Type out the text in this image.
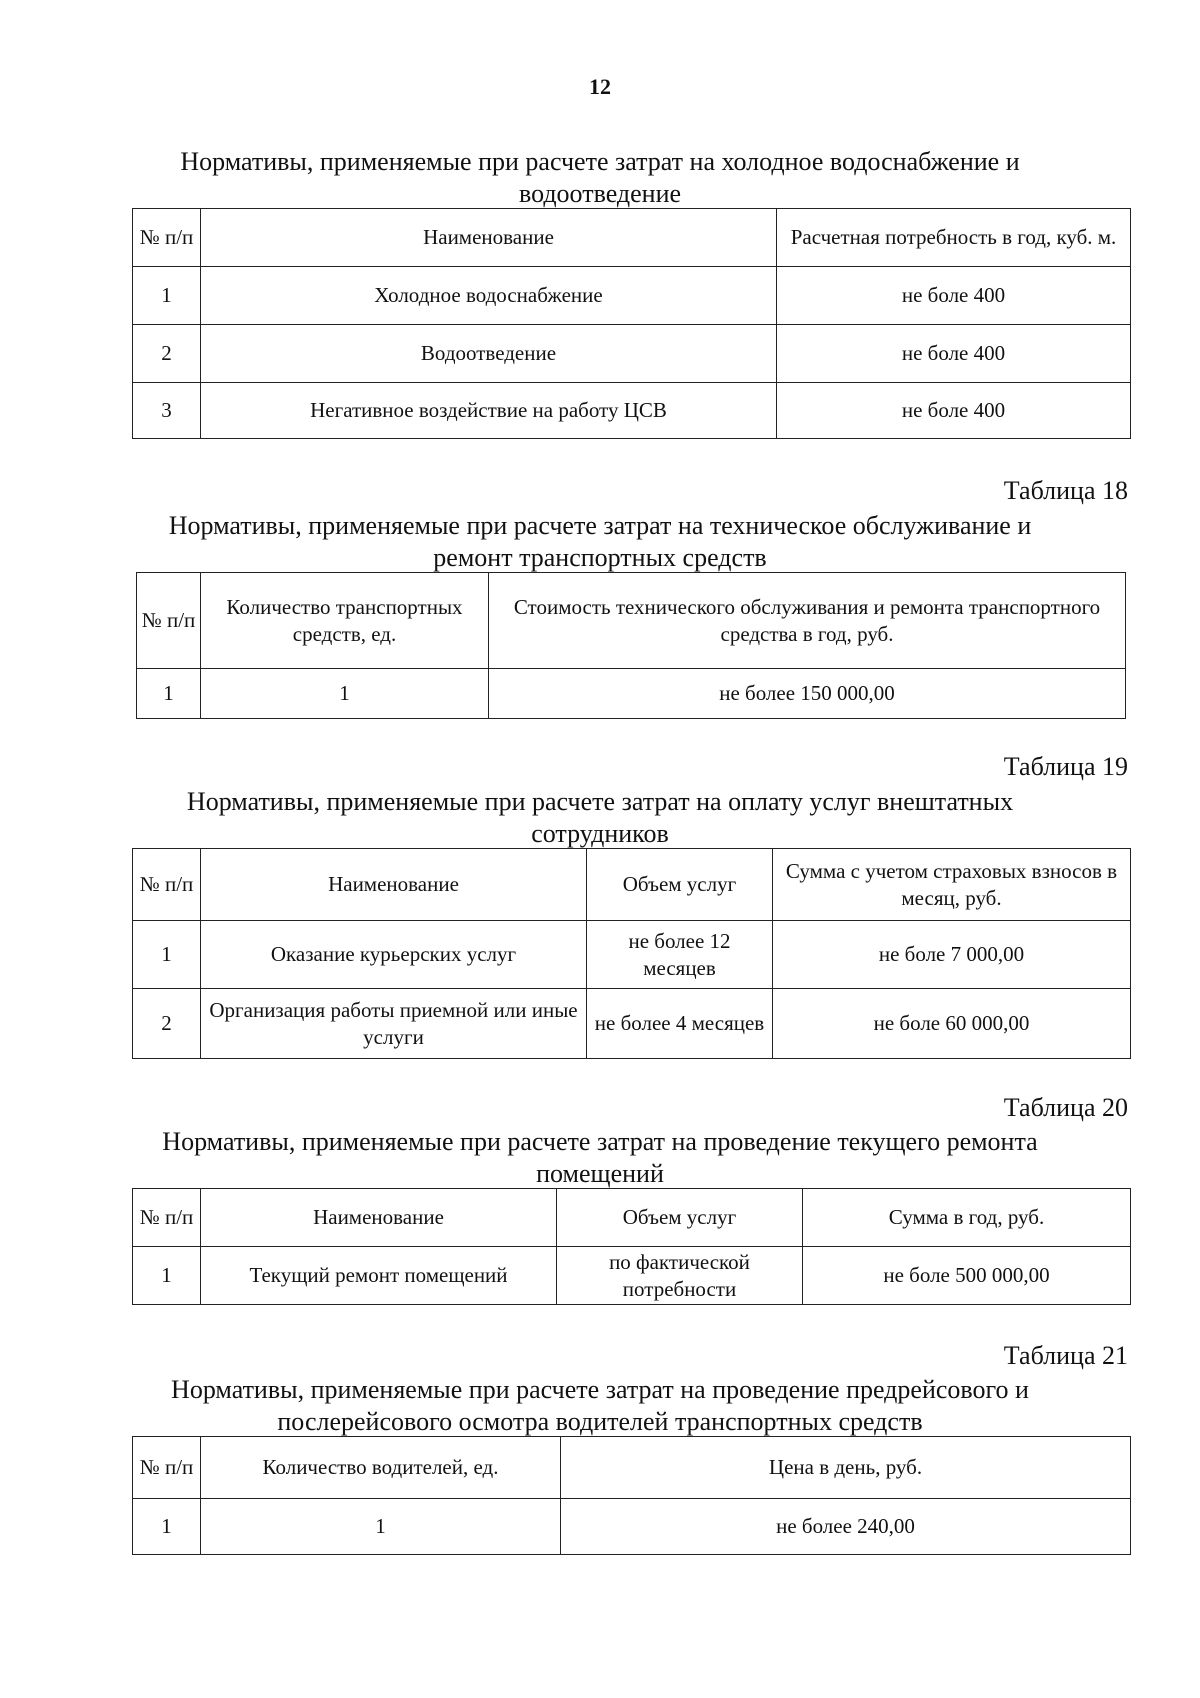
12
Нормативы, применяемые при расчете затрат на холодное водоснабжение и
водоотведение
№ п/п	Наименование	Расчетная потребность в год, куб. м.
1	Холодное водоснабжение	не боле 400
2	Водоотведение	не боле 400
3	Негативное воздействие на работу ЦСВ	не боле 400
Таблица 18
Нормативы, применяемые при расчете затрат на техническое обслуживание и
ремонт транспортных средств
№ п/п	Количество транспортных средств, ед.	Стоимость технического обслуживания и ремонта транспортного средства в год, руб.
1	1	не более 150 000,00
Таблица 19
Нормативы, применяемые при расчете затрат на оплату услуг внештатных
сотрудников
№ п/п	Наименование	Объем услуг	Сумма с учетом страховых взносов в месяц, руб.
1	Оказание курьерских услуг	не более 12 месяцев	не боле 7 000,00
2	Организация работы приемной или иные услуги	не более 4 месяцев	не боле 60 000,00
Таблица 20
Нормативы, применяемые при расчете затрат на проведение текущего ремонта
помещений
№ п/п	Наименование	Объем услуг	Сумма в год, руб.
1	Текущий ремонт помещений	по фактической потребности	не боле 500 000,00
Таблица 21
Нормативы, применяемые при расчете затрат на проведение предрейсового и
послерейсового осмотра водителей транспортных средств
№ п/п	Количество водителей, ед.	Цена в день, руб.
1	1	не более 240,00
